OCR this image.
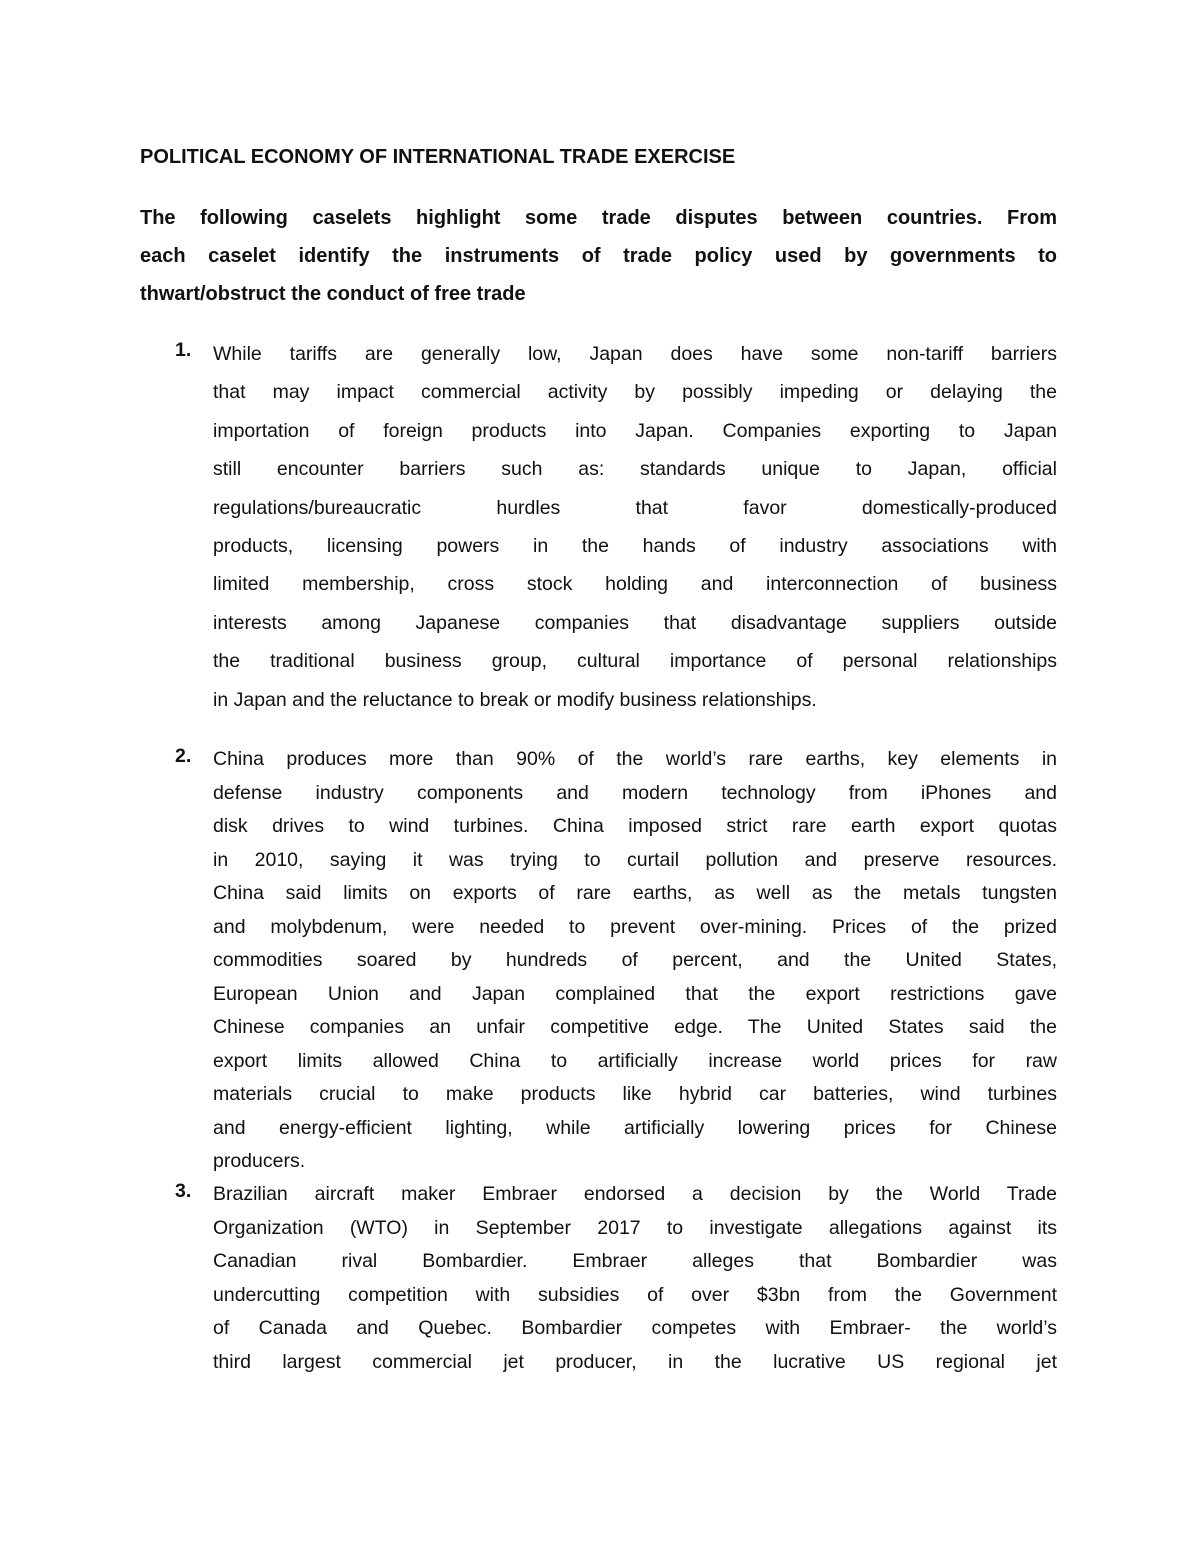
POLITICAL ECONOMY OF INTERNATIONAL TRADE EXERCISE
The following caselets highlight some trade disputes between countries. From
each caselet identify the instruments of trade policy used by governments to
thwart/obstruct the conduct of free trade
1. While tariffs are generally low, Japan does have some non-tariff barriers
that may impact commercial activity by possibly impeding or delaying the
importation of foreign products into Japan. Companies exporting to Japan
still encounter barriers such as: standards unique to Japan, official
regulations/bureaucratic hurdles that favor domestically-produced
products, licensing powers in the hands of industry associations with
limited membership, cross stock holding and interconnection of business
interests among Japanese companies that disadvantage suppliers outside
the traditional business group, cultural importance of personal relationships
in Japan and the reluctance to break or modify business relationships.
2. China produces more than 90% of the world’s rare earths, key elements in
defense industry components and modern technology from iPhones and
disk drives to wind turbines. China imposed strict rare earth export quotas
in 2010, saying it was trying to curtail pollution and preserve resources.
China said limits on exports of rare earths, as well as the metals tungsten
and molybdenum, were needed to prevent over-mining. Prices of the prized
commodities soared by hundreds of percent, and the United States,
European Union and Japan complained that the export restrictions gave
Chinese companies an unfair competitive edge. The United States said the
export limits allowed China to artificially increase world prices for raw
materials crucial to make products like hybrid car batteries, wind turbines
and energy-efficient lighting, while artificially lowering prices for Chinese
producers.
3. Brazilian aircraft maker Embraer endorsed a decision by the World Trade
Organization (WTO) in September 2017 to investigate allegations against its
Canadian rival Bombardier. Embraer alleges that Bombardier was
undercutting competition with subsidies of over $3bn from the Government
of Canada and Quebec. Bombardier competes with Embraer- the world’s
third largest commercial jet producer, in the lucrative US regional jet
